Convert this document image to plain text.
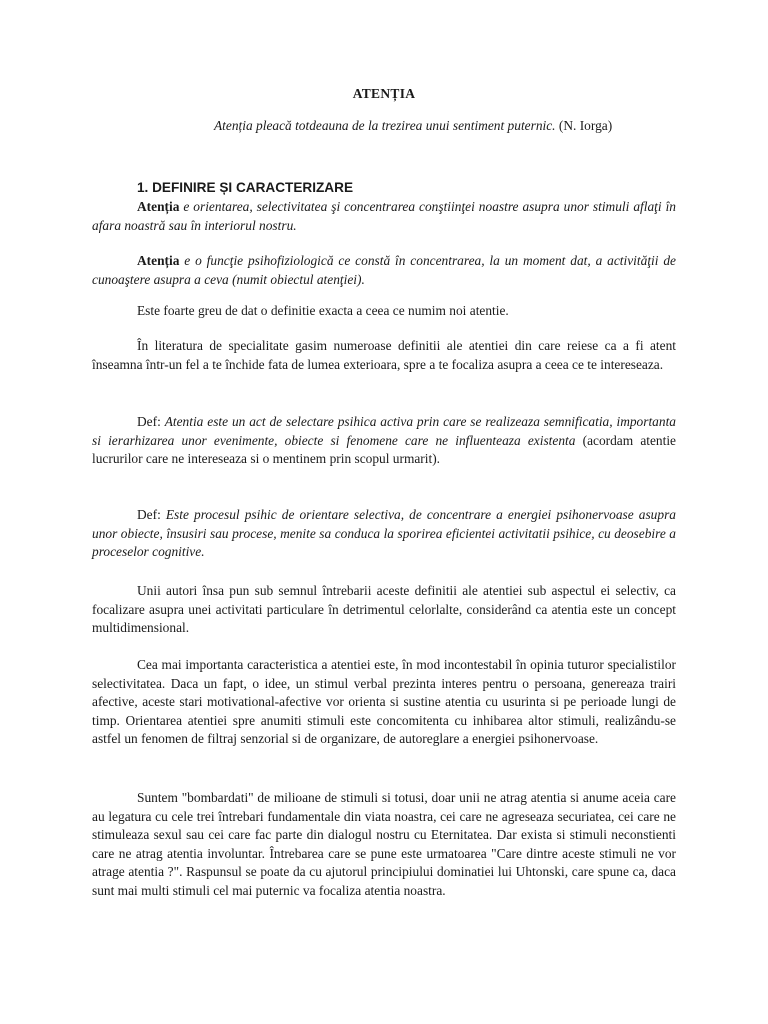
ATENȚIA
Atenția pleacă totdeauna de la trezirea unui sentiment puternic. (N. Iorga)
1. DEFINIRE ȘI CARACTERIZARE

Atenția e orientarea, selectivitatea şi concentrarea conştiinţei noastre asupra unor stimuli aflaţi în afara noastră sau în interiorul nostru.

Atenția e o funcţie psihofiziologică ce constă în concentrarea, la un moment dat, a activităţii de cunoaştere asupra a ceva (numit obiectul atenţiei).

Este foarte greu de dat o definitie exacta a ceea ce numim noi atentie.

În literatura de specialitate gasim numeroase definitii ale atentiei din care reiese ca a fi atent înseamna într-un fel a te închide fata de lumea exterioara, spre a te focaliza asupra a ceea ce te intereseaza.

Def: Atentia este un act de selectare psihica activa prin care se realizeaza semnificatia, importanta si ierarhizarea unor evenimente, obiecte si fenomene care ne influenteaza existenta (acordam atentie lucrurilor care ne intereseaza si o mentinem prin scopul urmarit).

Def: Este procesul psihic de orientare selectiva, de concentrare a energiei psihonervoase asupra unor obiecte, însusiri sau procese, menite sa conduca la sporirea eficientei activitatii psihice, cu deosebire a proceselor cognitive.

Unii autori însa pun sub semnul întrebarii aceste definitii ale atentiei sub aspectul ei selectiv, ca focalizare asupra unei activitati particulare în detrimentul celorlalte, considerând ca atentia este un concept multidimensional.

Cea mai importanta caracteristica a atentiei este, în mod incontestabil în opinia tuturor specialistilor selectivitatea. Daca un fapt, o idee, un stimul verbal prezinta interes pentru o persoana, genereaza trairi afective, aceste stari motivational-afective vor orienta si sustine atentia cu usurinta si pe perioade lungi de timp. Orientarea atentiei spre anumiti stimuli este concomitenta cu inhibarea altor stimuli, realizându-se astfel un fenomen de filtraj senzorial si de organizare, de autoreglare a energiei psihonervoase.

Suntem "bombardati" de milioane de stimuli si totusi, doar unii ne atrag atentia si anume aceia care au legatura cu cele trei întrebari fundamentale din viata noastra, cei care ne agreseaza securiatea, cei care ne stimuleaza sexul sau cei care fac parte din dialogul nostru cu Eternitatea. Dar exista si stimuli neconstienti care ne atrag atentia involuntar. Întrebarea care se pune este urmatoarea "Care dintre aceste stimuli ne vor atrage atentia ?". Raspunsul se poate da cu ajutorul principiului dominatiei lui Uhtonski, care spune ca, daca sunt mai multi stimuli cel mai puternic va focaliza atentia noastra.
